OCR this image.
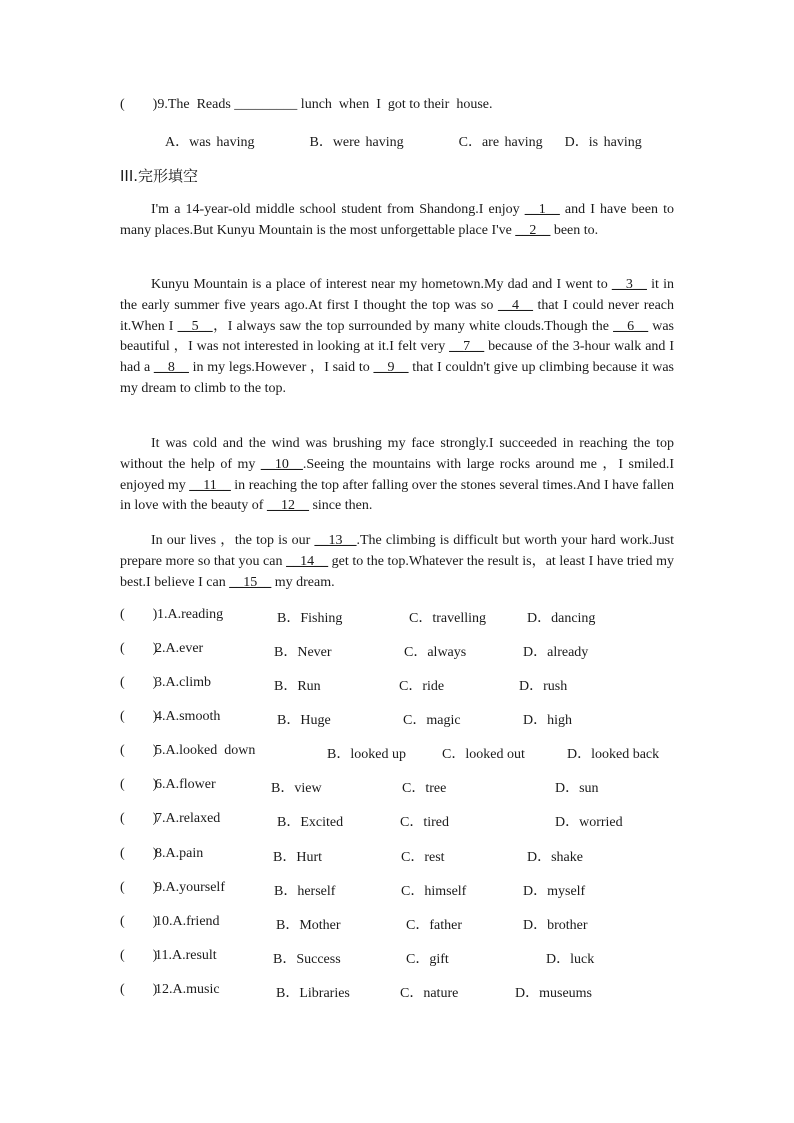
(        )9.The  Reads _________ lunch  when  I  got to their  house.
A．was having          B．were having          C．are having    D．is having
III.完形填空

I'm a 14-year-old middle school student from Shandong.I enjoy __1__ and I have been to many places.But Kunyu Mountain is the most unforgettable place I've __2__ been to.

Kunyu Mountain is a place of interest near my hometown.My dad and I went to __3__ it in the early summer five years ago.At first I thought the top was so __4__ that I could never reach it.When I __5__，I always saw the top surrounded by many white clouds.Though the __6__ was beautiful ，I was not interested in looking at it.I felt very __7__ because of the 3-hour walk and I had a __8__ in my legs.However ，I said to __9__ that I couldn't give up climbing because it was my dream to climb to the top.

It was cold and the wind was brushing my face strongly.I succeeded in reaching the top without the help of my __10__.Seeing the mountains with large rocks around me ，I smiled.I enjoyed my __11__ in reaching the top after falling over the stones several times.And I have fallen in love with the beauty of __12__ since then.

In our lives ，the top is our __13__.The climbing is difficult but worth your hard work.Just prepare more so that you can __14__ get to the top.Whatever the result is，at least I have tried my best.I believe I can __15__ my dream.

(        ) 1.A.reading	B．Fishing	C．travelling	D．dancing
(        )
2.A.ever	B．Never	C．always	D．already
(        )
3.A.climb	B．Run	C．ride	D．rush
(        )
4.A.smooth	B．Huge	C．magic	D．high
(        )
5.A.looked  down	B．looked up	C．looked out	D．looked back
(        )
6.A.flower	B．view	C．tree	D．sun
(        )
7.A.relaxed	B．Excited	C．tired	D．worried
(        )
8.A.pain	B．Hurt	C．rest	D．shake
(        )
9.A.yourself	B．herself	C．himself	D．myself
(        )
10.A.friend	B．Mother	C．father	D．brother
(        )
11.A.result	B．Success	C．gift	D．luck
(        )
12.A.music	B．Libraries	C．nature	D．museums
